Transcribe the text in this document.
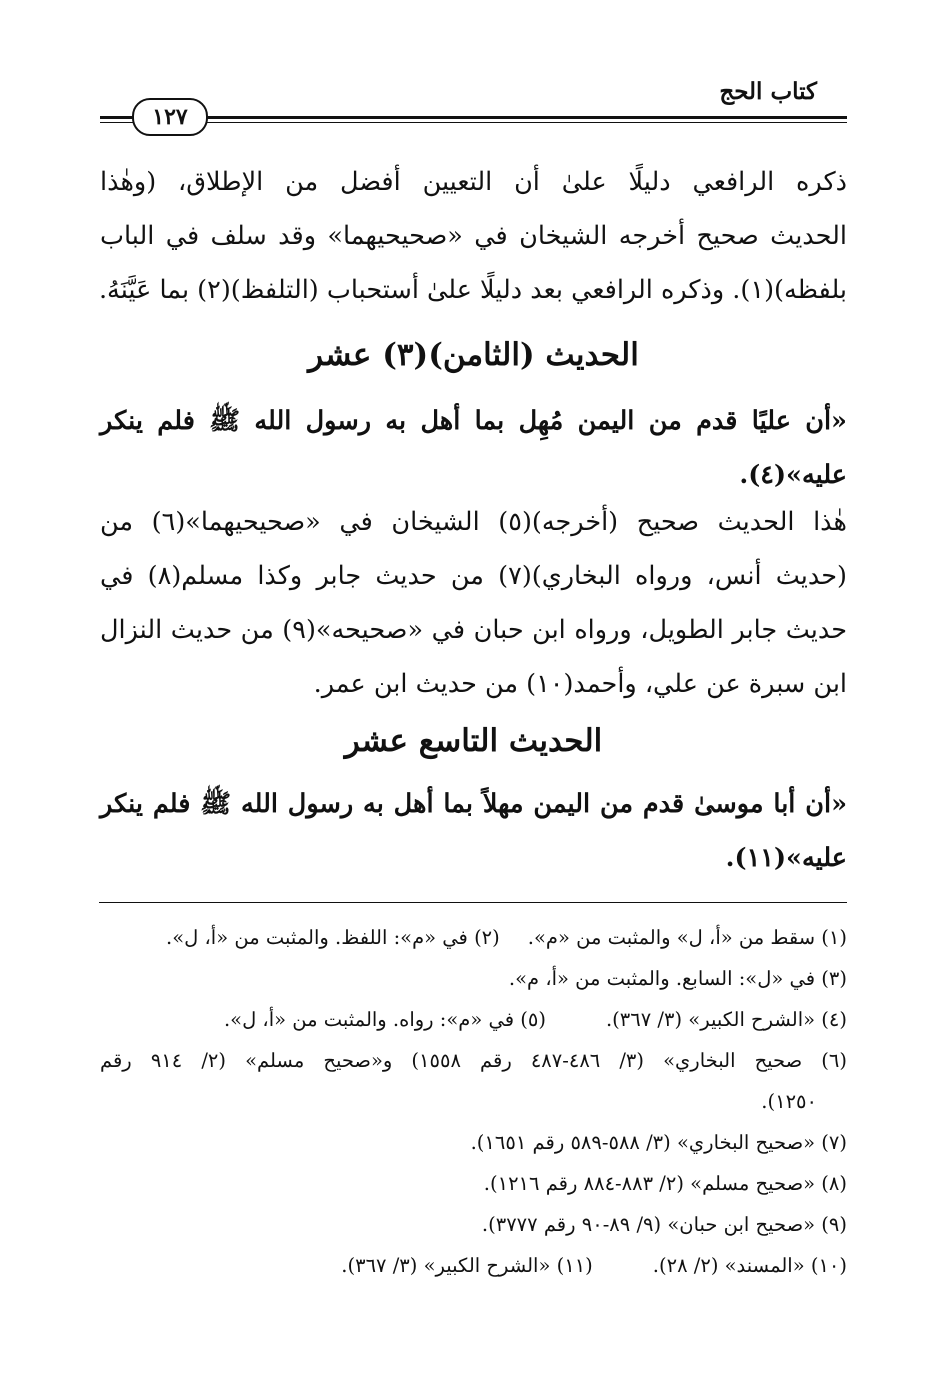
كتاب الحج
١٢٧
ذكره الرافعي دليلًا علىٰ أن التعيين أفضل من الإطلاق، (وهٰذا
الحديث صحيح أخرجه الشيخان في «صحيحيهما» وقد سلف في الباب
بلفظه)(١). وذكره الرافعي بعد دليلًا علىٰ أستحباب (التلفظ)(٢) بما عَيَّنَهُ.
الحديث (الثامن)(٣) عشر
«أن عليًا قدم من اليمن مُهِل بما أهل به رسول الله ﷺ فلم ينكر
عليه»(٤).
هٰذا الحديث صحيح (أخرجه)(٥) الشيخان في «صحيحيهما»(٦) من
(حديث أنس، ورواه البخاري)(٧) من حديث جابر وكذا مسلم(٨) في
حديث جابر الطويل، ورواه ابن حبان في «صحيحه»(٩) من حديث النزال
ابن سبرة عن علي، وأحمد(١٠) من حديث ابن عمر.
الحديث التاسع عشر
«أن أبا موسىٰ قدم من اليمن مهلاً بما أهل به رسول الله ﷺ فلم ينكر
عليه»(١١).
(١) سقط من «أ، ل» والمثبت من «م».
(٢) في «م»: اللفظ. والمثبت من «أ، ل».
(٣) في «ل»: السابع. والمثبت من «أ، م».
(٤) «الشرح الكبير» (٣/ ٣٦٧).
(٥) في «م»: رواه. والمثبت من «أ، ل».
(٦) صحيح البخاري» (٣/ ٤٨٦-٤٨٧ رقم ١٥٥٨) و«صحيح مسلم» (٢/ ٩١٤ رقم
١٢٥٠).
(٧) «صحيح البخاري» (٣/ ٥٨٨-٥٨٩ رقم ١٦٥١).
(٨) «صحيح مسلم» (٢/ ٨٨٣-٨٨٤ رقم ١٢١٦).
(٩) «صحيح ابن حبان» (٩/ ٨٩-٩٠ رقم ٣٧٧٧).
(١٠) «المسند» (٢/ ٢٨).
(١١) «الشرح الكبير» (٣/ ٣٦٧).
